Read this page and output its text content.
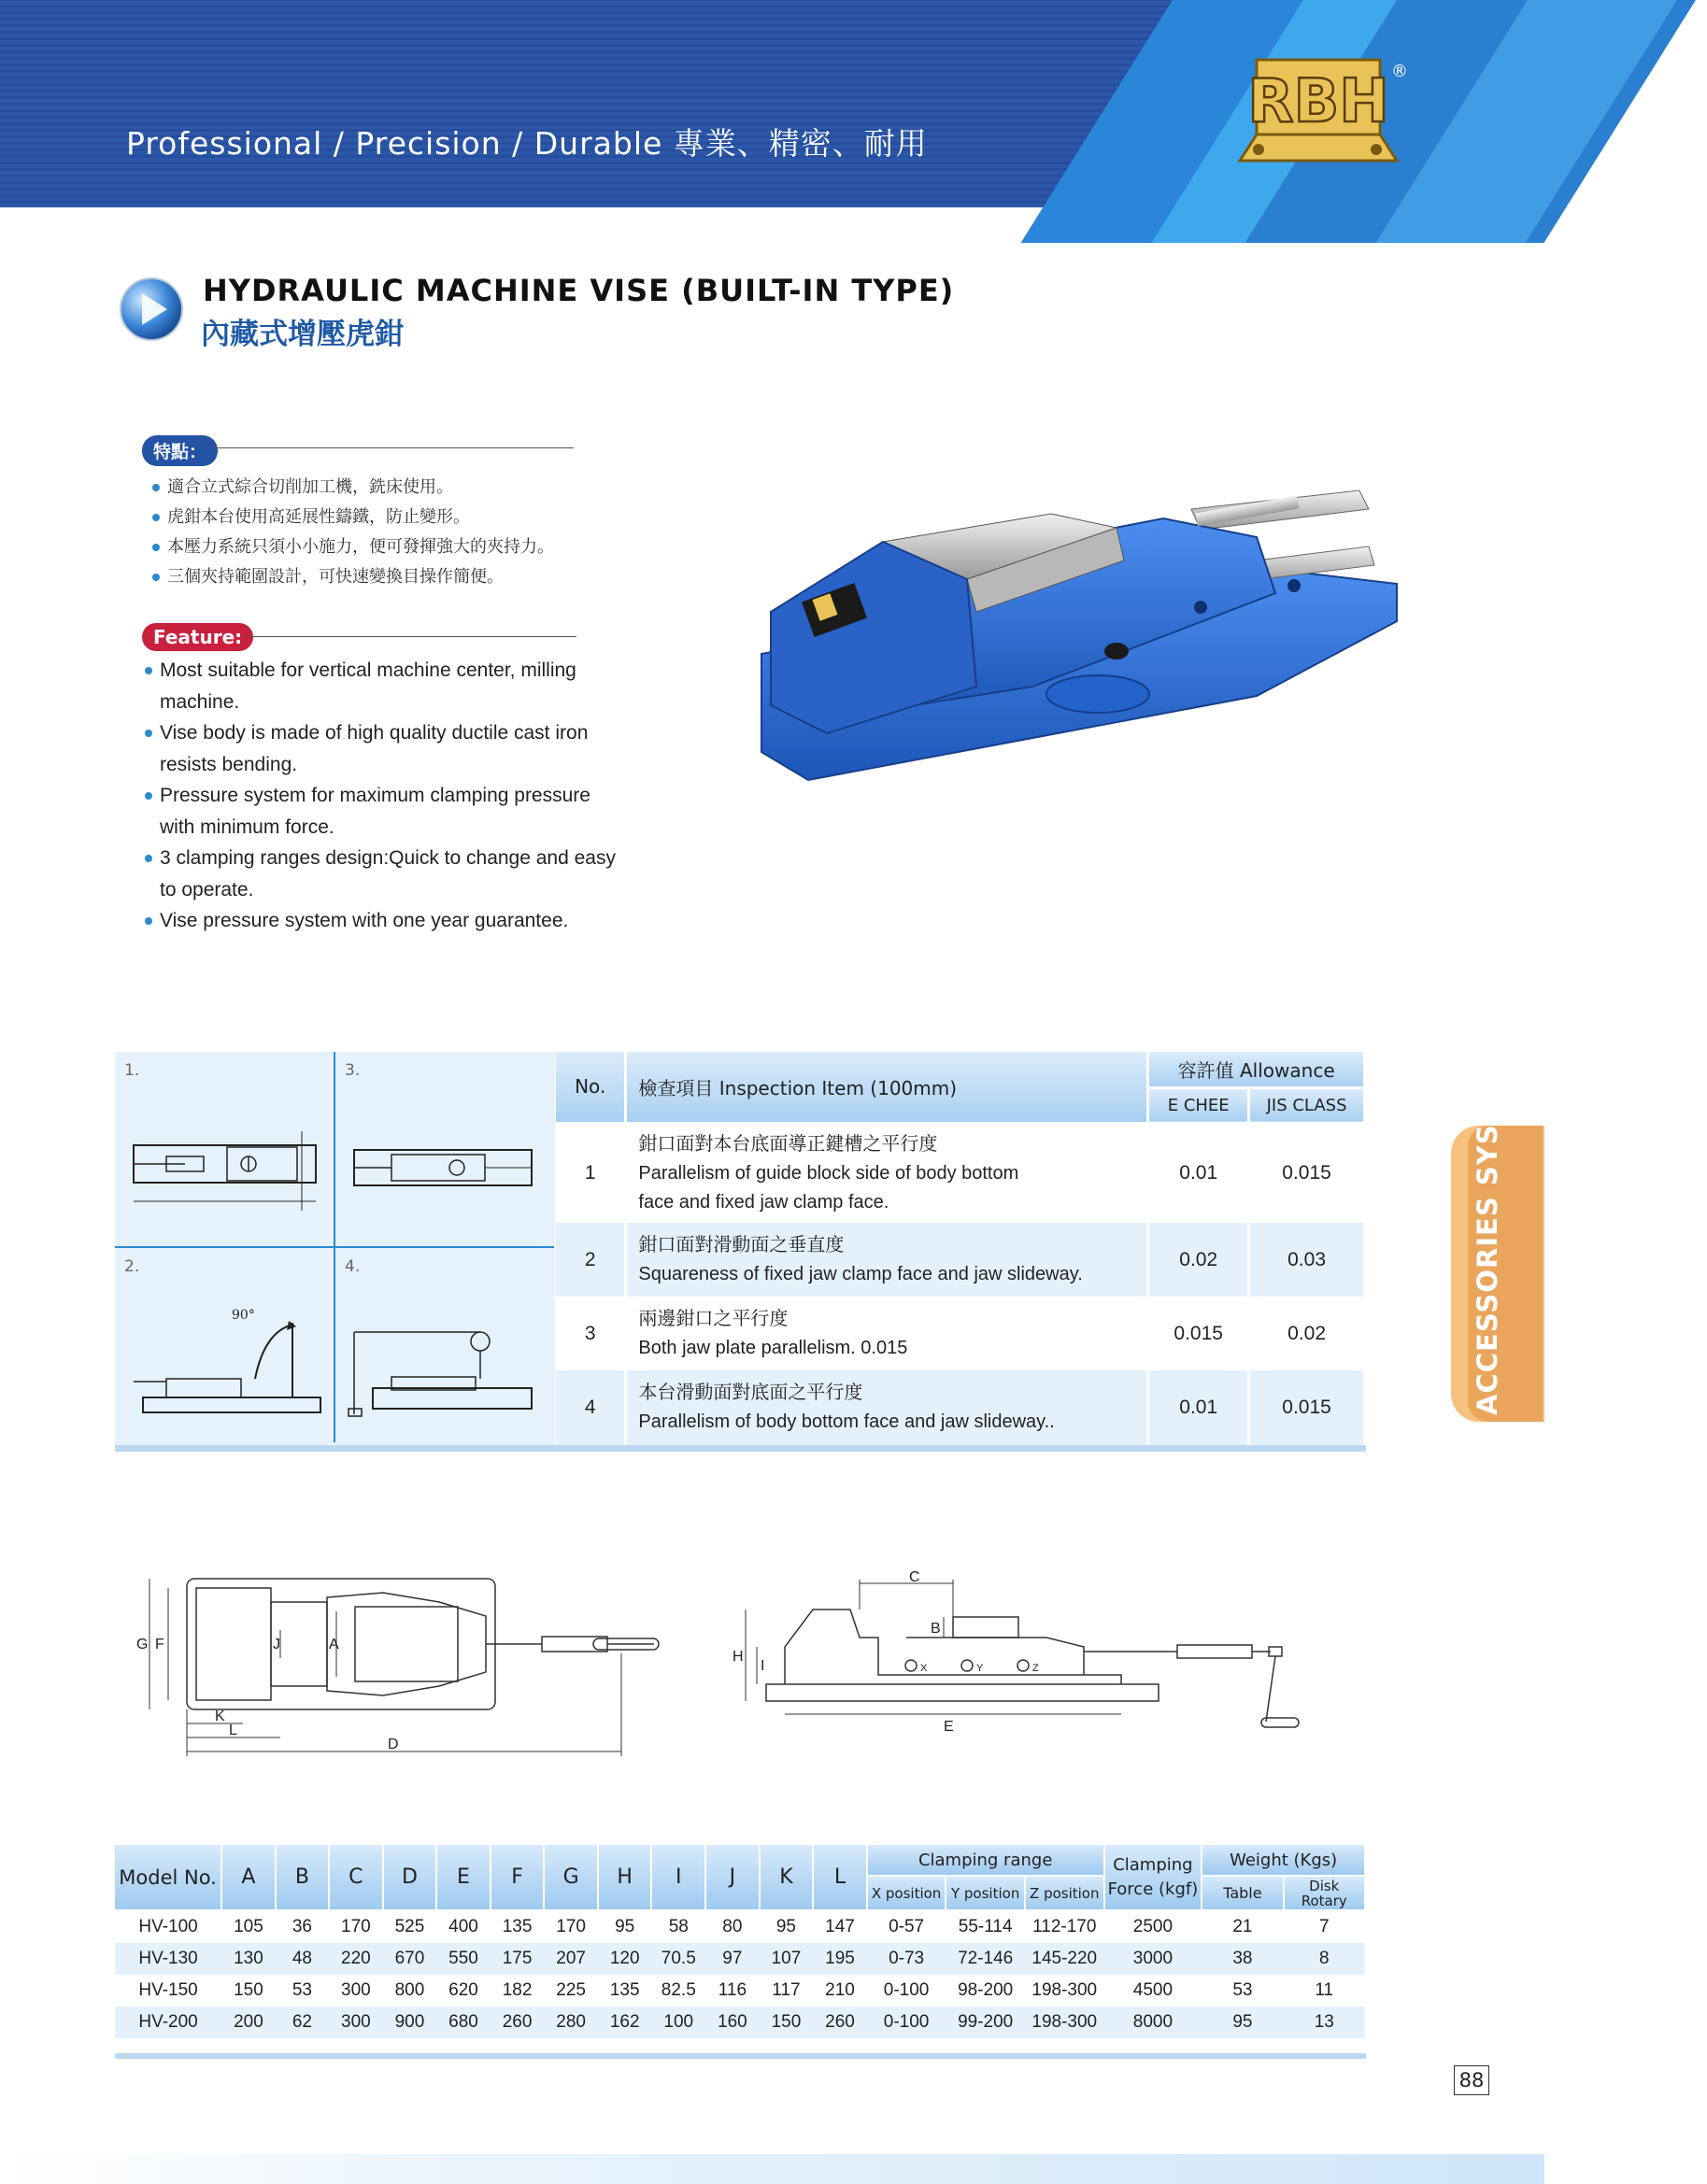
Professional / Precision / Durable 專業、精密、耐用
RBH ®
HYDRAULIC MACHINE VISE (BUILT-IN TYPE)
內藏式增壓虎鉗
特點：
適合立式綜合切削加工機，銑床使用。
虎鉗本台使用高延展性鑄鐵，防止變形。
本壓力系統只須小小施力，便可發揮強大的夾持力。
三個夾持範圍設計，可快速變換目操作簡便。
Feature:
Most suitable for vertical machine center, milling machine.
Vise body is made of high quality ductile cast iron resists bending.
Pressure system for maximum clamping pressure with minimum force.
3 clamping ranges design:Quick to change and easy to operate.
Vise pressure system with one year guarantee.
ACCESSORIES SYSTEM
1.	3.
2.
90°
4.
No.	檢查項目 Inspection Item (100mm)	容許值 Allowance	
		E CHEE	JIS CLASS
1	鉗口面對本台底面導正鍵槽之平行度
Parallelism of guide block side of body bottom
face and fixed jaw clamp face.	0.01	0.015
2	鉗口面對滑動面之垂直度
Squareness of fixed jaw clamp face and jaw slideway.	0.02	0.03
3	兩邊鉗口之平行度
Both jaw plate parallelism. 0.015	0.015	0.02
4	本台滑動面對底面之平行度
Parallelism of body bottom face and jaw slideway..	0.01	0.015
G F	J	A
K
L
D
C
B
H
I	X	Y	Z
E
Model No.	A	B	C	D	E	F	G	H	I	J	K	L	Clamping range			Clamping Force (kgf)	Weight (Kgs)	
													X position	Y position	Z position		Table	Disk Rotary
HV-100	105	36	170	525	400	135	170	95	58	80	95	147	0-57	55-114	112-170	2500	21	7
HV-130	130	48	220	670	550	175	207	120	70.5	97	107	195	0-73	72-146	145-220	3000	38	8
HV-150	150	53	300	800	620	182	225	135	82.5	116	117	210	0-100	98-200	198-300	4500	53	11
HV-200	200	62	300	900	680	260	280	162	100	160	150	260	0-100	99-200	198-300	8000	95	13
88
